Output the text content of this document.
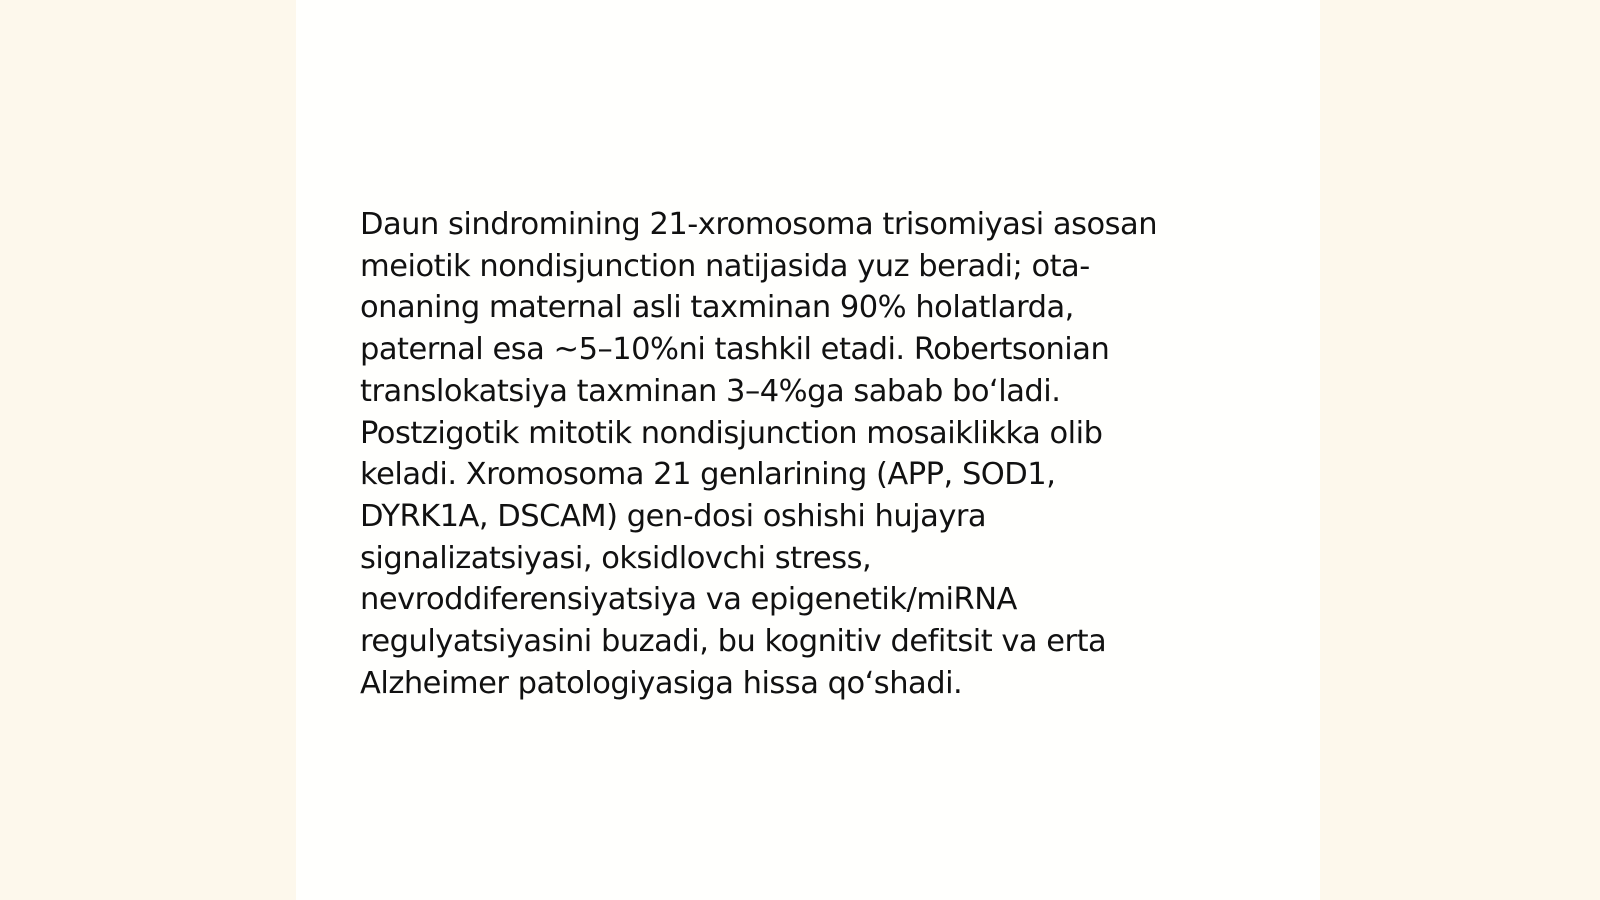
Daun sindromining 21-xromosoma trisomiyasi asosan
meiotik nondisjunction natijasida yuz beradi; ota-
onaning maternal asli taxminan 90% holatlarda,
paternal esa ~5–10%ni tashkil etadi. Robertsonian
translokatsiya taxminan 3–4%ga sabab bo‘ladi.
Postzigotik mitotik nondisjunction mosaiklikka olib
keladi. Xromosoma 21 genlarining (APP, SOD1,
DYRK1A, DSCAM) gen-dosi oshishi hujayra
signalizatsiyasi, oksidlovchi stress,
nevroddiferensiyatsiya va epigenetik/miRNA
regulyatsiyasini buzadi, bu kognitiv defitsit va erta
Alzheimer patologiyasiga hissa qo‘shadi.
